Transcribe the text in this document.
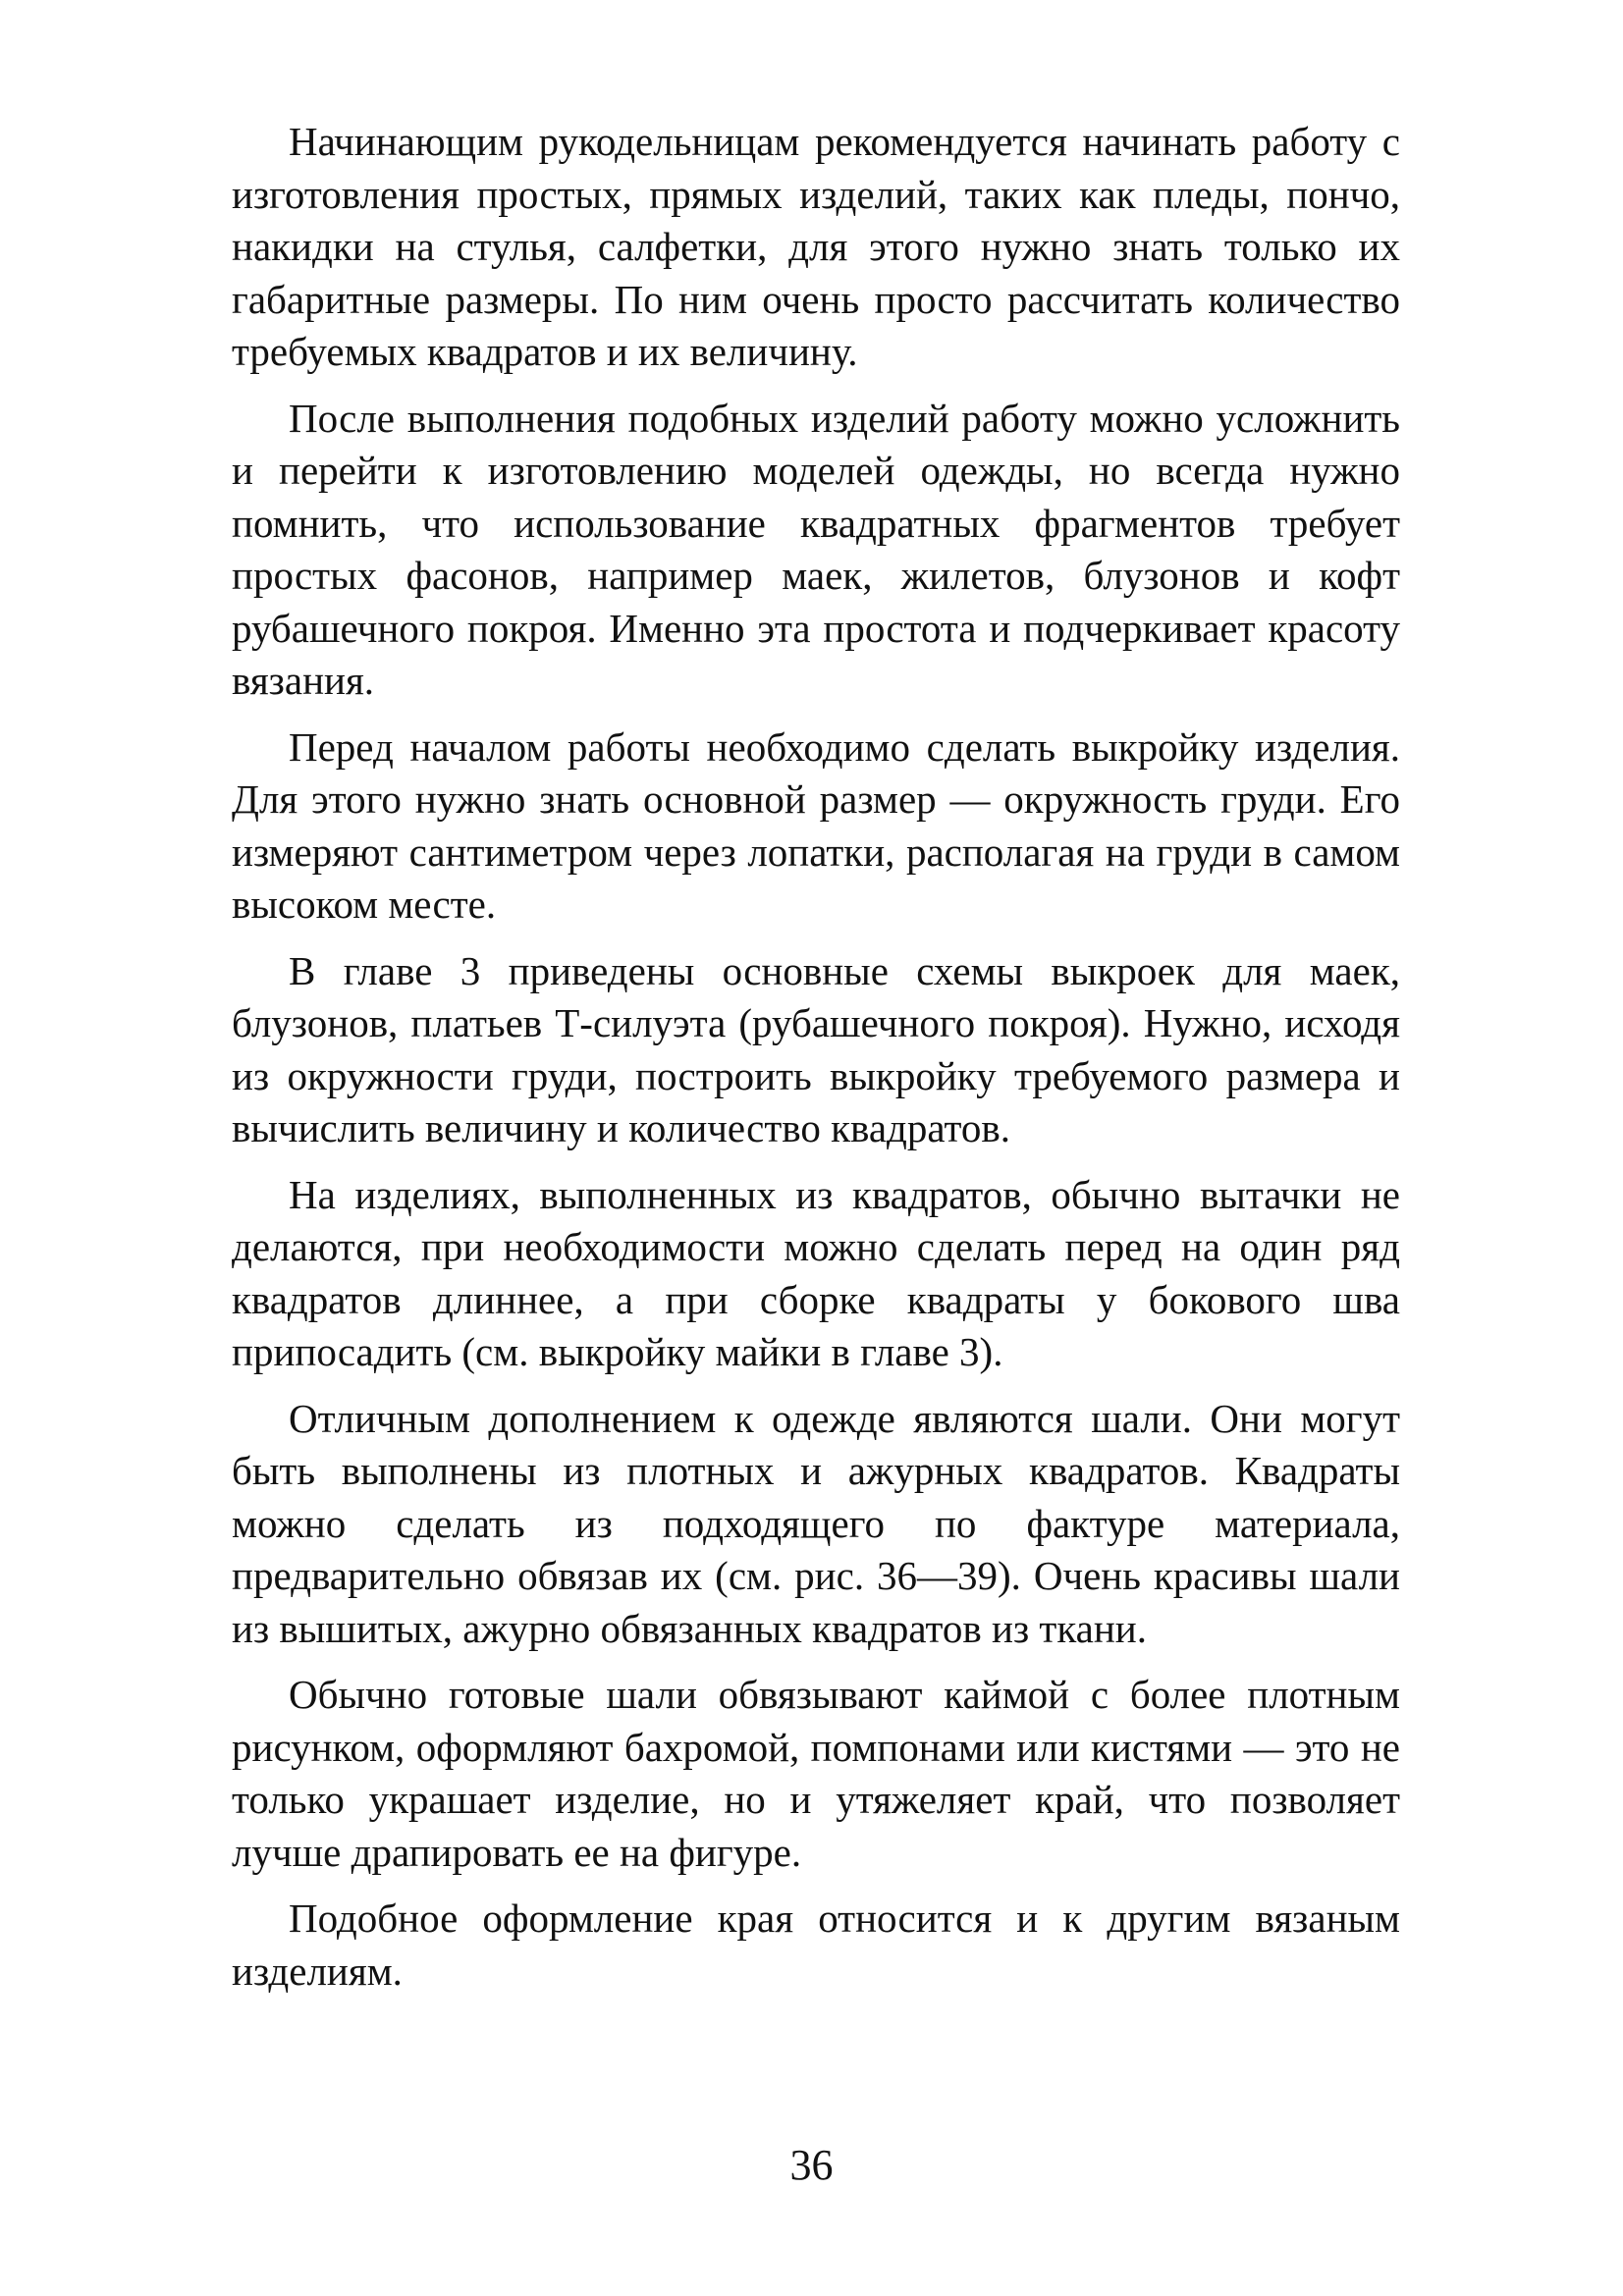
Начинающим рукодельницам рекомендуется начинать работу с изготовления простых, прямых изделий, таких как пледы, пончо, накидки на стулья, салфетки, для этого нужно знать только их габаритные размеры. По ним очень просто рассчитать количество требуемых квадратов и их величину.

После выполнения подобных изделий работу можно усложнить и перейти к изготовлению моделей одежды, но всегда нужно помнить, что использование квадратных фрагментов требует простых фасонов, например маек, жилетов, блузонов и кофт рубашечного покроя. Именно эта простота и подчеркивает красоту вязания.

Перед началом работы необходимо сделать выкройку изделия. Для этого нужно знать основной размер — окружность груди. Его измеряют сантиметром через лопатки, располагая на груди в самом высоком месте.

В главе 3 приведены основные схемы выкроек для маек, блузонов, платьев Т-силуэта (рубашечного покроя). Нужно, исходя из окружности груди, построить выкройку требуемого размера и вычислить величину и количество квадратов.

На изделиях, выполненных из квадратов, обычно вытачки не делаются, при необходимости можно сделать перед на один ряд квадратов длиннее, а при сборке квадраты у бокового шва припосадить (см. выкройку майки в главе 3).

Отличным дополнением к одежде являются шали. Они могут быть выполнены из плотных и ажурных квадратов. Квадраты можно сделать из подходящего по фактуре материала, предварительно обвязав их (см. рис. 36—39). Очень красивы шали из вышитых, ажурно обвязанных квадратов из ткани.

Обычно готовые шали обвязывают каймой с более плотным рисунком, оформляют бахромой, помпонами или кистями — это не только украшает изделие, но и утяжеляет край, что позволяет лучше драпировать ее на фигуре.

Подобное оформление края относится и к другим вязаным изделиям.

36
